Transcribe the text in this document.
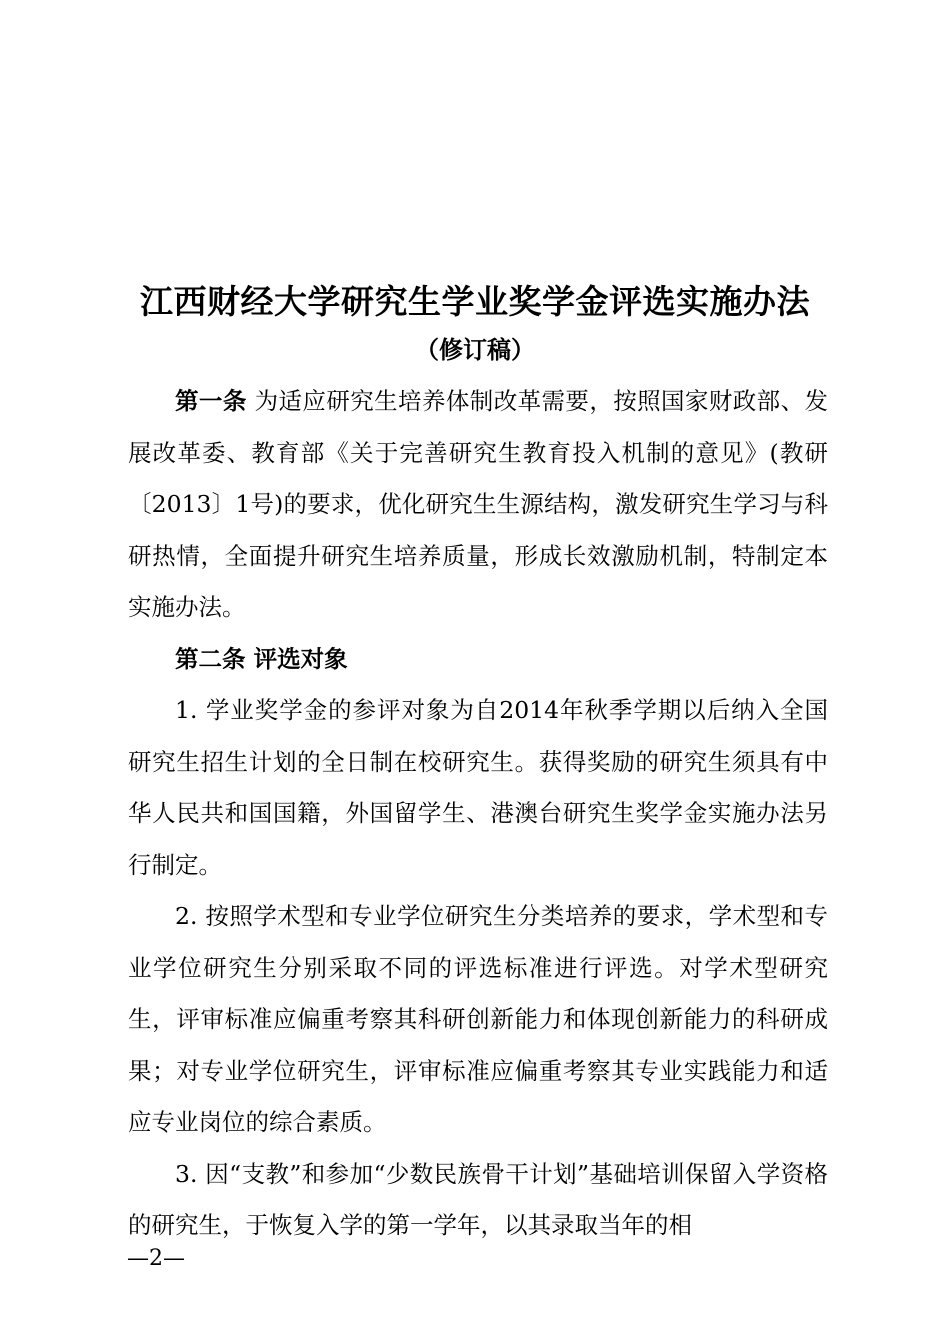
江西财经大学研究生学业奖学金评选实施办法
（修订稿）

第一条 为适应研究生培养体制改革需要，按照国家财政部、发展改革委、教育部《关于完善研究生教育投入机制的意见》(教研〔2013〕1号)的要求，优化研究生生源结构，激发研究生学习与科研热情，全面提升研究生培养质量，形成长效激励机制，特制定本实施办法。

第二条 评选对象

1. 学业奖学金的参评对象为自2014年秋季学期以后纳入全国研究生招生计划的全日制在校研究生。获得奖励的研究生须具有中华人民共和国国籍，外国留学生、港澳台研究生奖学金实施办法另行制定。

2. 按照学术型和专业学位研究生分类培养的要求，学术型和专业学位研究生分别采取不同的评选标准进行评选。对学术型研究生，评审标准应偏重考察其科研创新能力和体现创新能力的科研成果；对专业学位研究生，评审标准应偏重考察其专业实践能力和适应专业岗位的综合素质。

3. 因“支教”和参加“少数民族骨干计划”基础培训保留入学资格的研究生，于恢复入学的第一学年，以其录取当年的相

—2—
